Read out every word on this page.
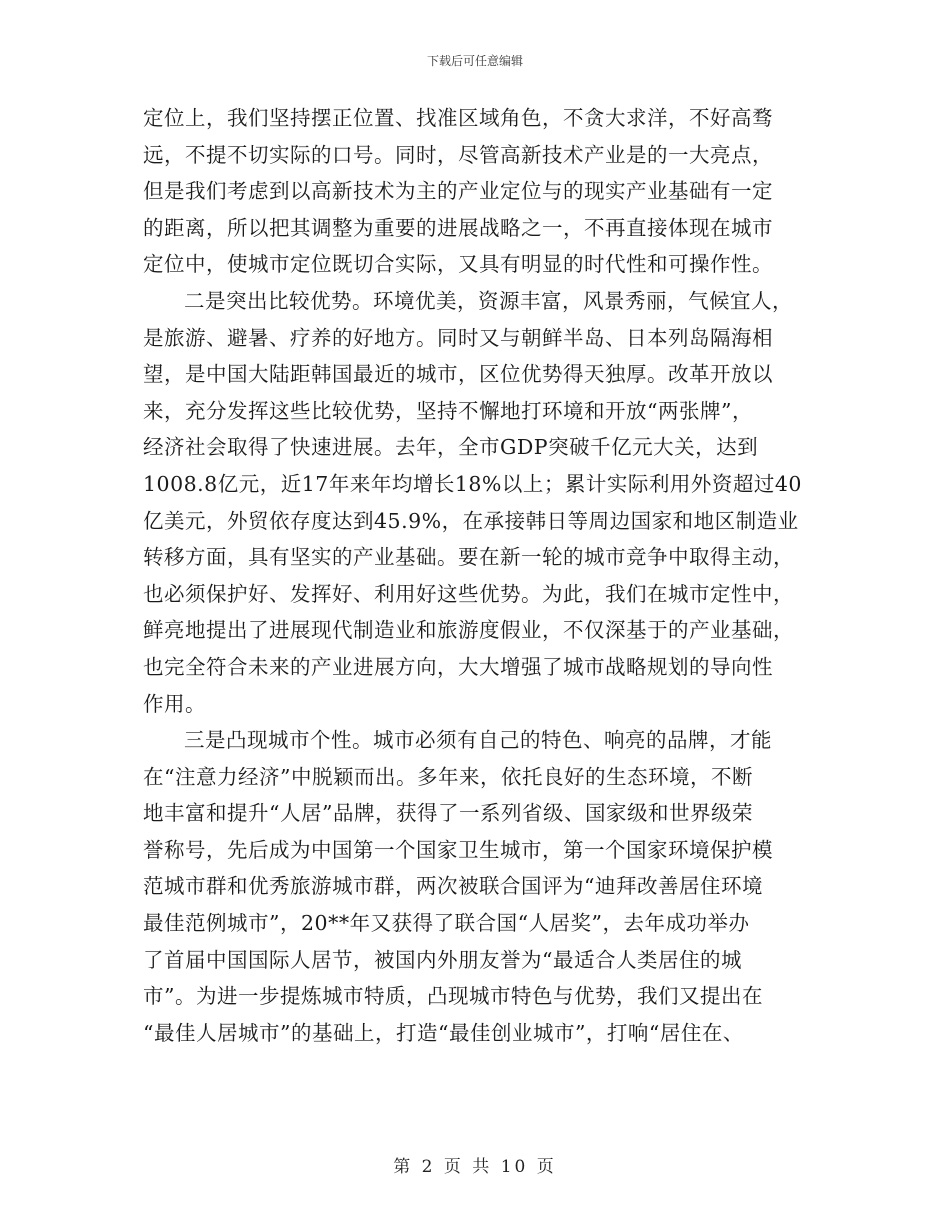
下载后可任意编辑
定位上，我们坚持摆正位置、找准区域角色，不贪大求洋，不好高骛
远，不提不切实际的口号。同时，尽管高新技术产业是的一大亮点，
但是我们考虑到以高新技术为主的产业定位与的现实产业基础有一定
的距离，所以把其调整为重要的进展战略之一，不再直接体现在城市
定位中，使城市定位既切合实际，又具有明显的时代性和可操作性。
二是突出比较优势。环境优美，资源丰富，风景秀丽，气候宜人，
是旅游、避暑、疗养的好地方。同时又与朝鲜半岛、日本列岛隔海相
望，是中国大陆距韩国最近的城市，区位优势得天独厚。改革开放以
来，充分发挥这些比较优势，坚持不懈地打环境和开放“两张牌”，
经济社会取得了快速进展。去年，全市GDP突破千亿元大关，达到
1008.8亿元，近17年来年均增长18%以上；累计实际利用外资超过40
亿美元，外贸依存度达到45.9%，在承接韩日等周边国家和地区制造业
转移方面，具有坚实的产业基础。要在新一轮的城市竞争中取得主动，
也必须保护好、发挥好、利用好这些优势。为此，我们在城市定性中，
鲜亮地提出了进展现代制造业和旅游度假业，不仅深基于的产业基础，
也完全符合未来的产业进展方向，大大增强了城市战略规划的导向性
作用。
三是凸现城市个性。城市必须有自己的特色、响亮的品牌，才能
在“注意力经济”中脱颖而出。多年来，依托良好的生态环境，不断
地丰富和提升“人居”品牌，获得了一系列省级、国家级和世界级荣
誉称号，先后成为中国第一个国家卫生城市，第一个国家环境保护模
范城市群和优秀旅游城市群，两次被联合国评为“迪拜改善居住环境
最佳范例城市”，20**年又获得了联合国“人居奖”，去年成功举办
了首届中国国际人居节，被国内外朋友誉为“最适合人类居住的城
市”。为进一步提炼城市特质，凸现城市特色与优势，我们又提出在
“最佳人居城市”的基础上，打造“最佳创业城市”，打响“居住在、
第 2 页 共 10 页
